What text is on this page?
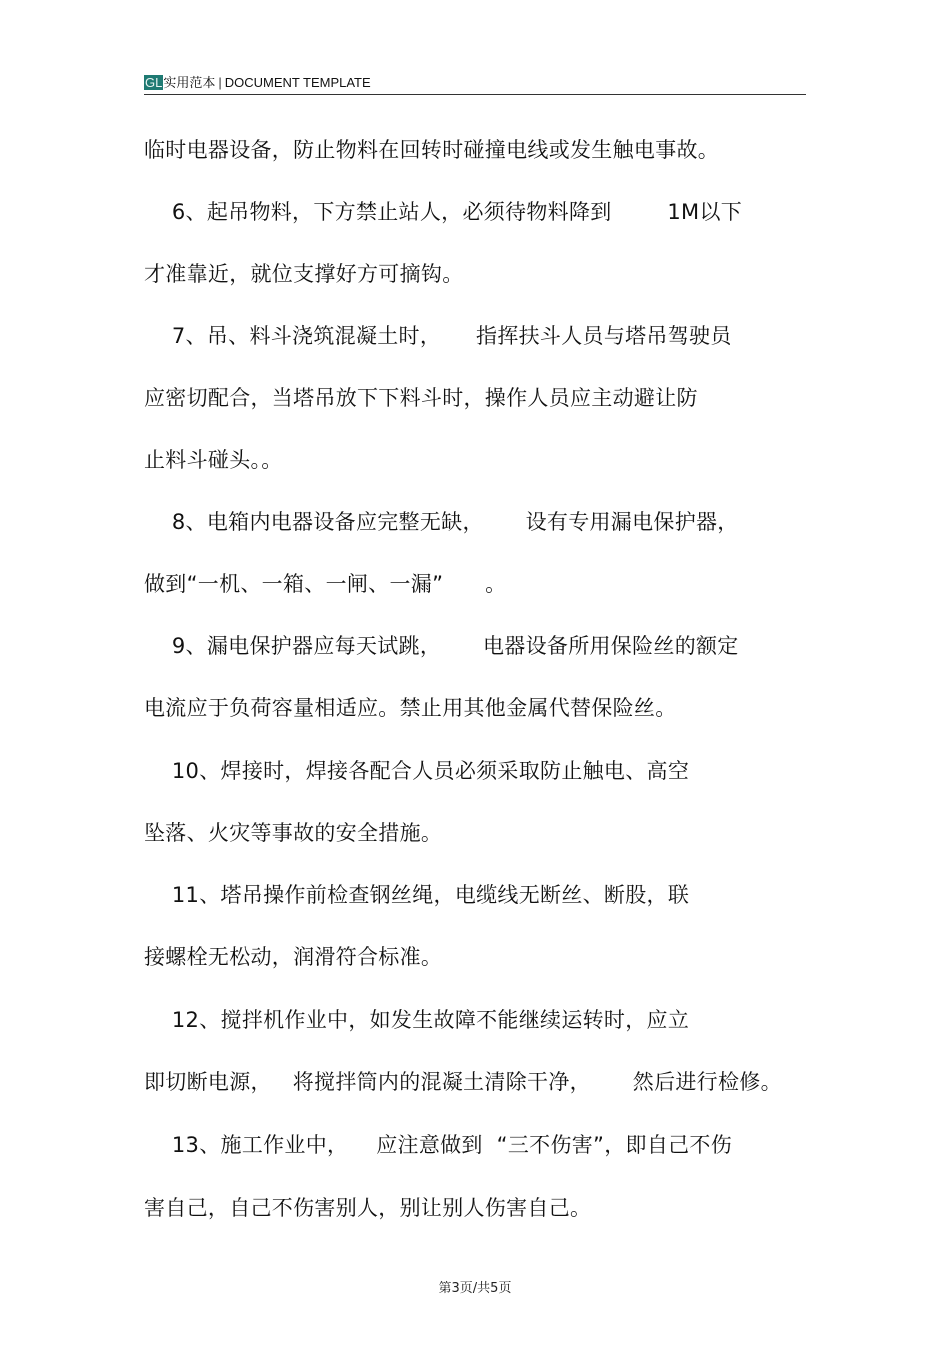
GL实用范本 | DOCUMENT TEMPLATE
临时电器设备，防止物料在回转时碰撞电线或发生触电事故。
6、起吊物料，下方禁止站人，必须待物料降到        1M以下
才准靠近，就位支撑好方可摘钩。
7、吊、料斗浇筑混凝土时，     指挥扶斗人员与塔吊驾驶员
应密切配合，当塔吊放下下料斗时，操作人员应主动避让防
止料斗碰头。。
8、电箱内电器设备应完整无缺，      设有专用漏电保护器，
做到“一机、一箱、一闸、一漏”      。
9、漏电保护器应每天试跳，      电器设备所用保险丝的额定
电流应于负荷容量相适应。禁止用其他金属代替保险丝。
10、焊接时，焊接各配合人员必须采取防止触电、高空
坠落、火灾等事故的安全措施。
11、塔吊操作前检查钢丝绳，电缆线无断丝、断股，联
接螺栓无松动，润滑符合标准。
12、搅拌机作业中，如发生故障不能继续运转时，应立
即切断电源，   将搅拌筒内的混凝土清除干净，      然后进行检修。
13、施工作业中，    应注意做到  “三不伤害”，即自己不伤
害自己，自己不伤害别人，别让别人伤害自己。
第3页/共5页
